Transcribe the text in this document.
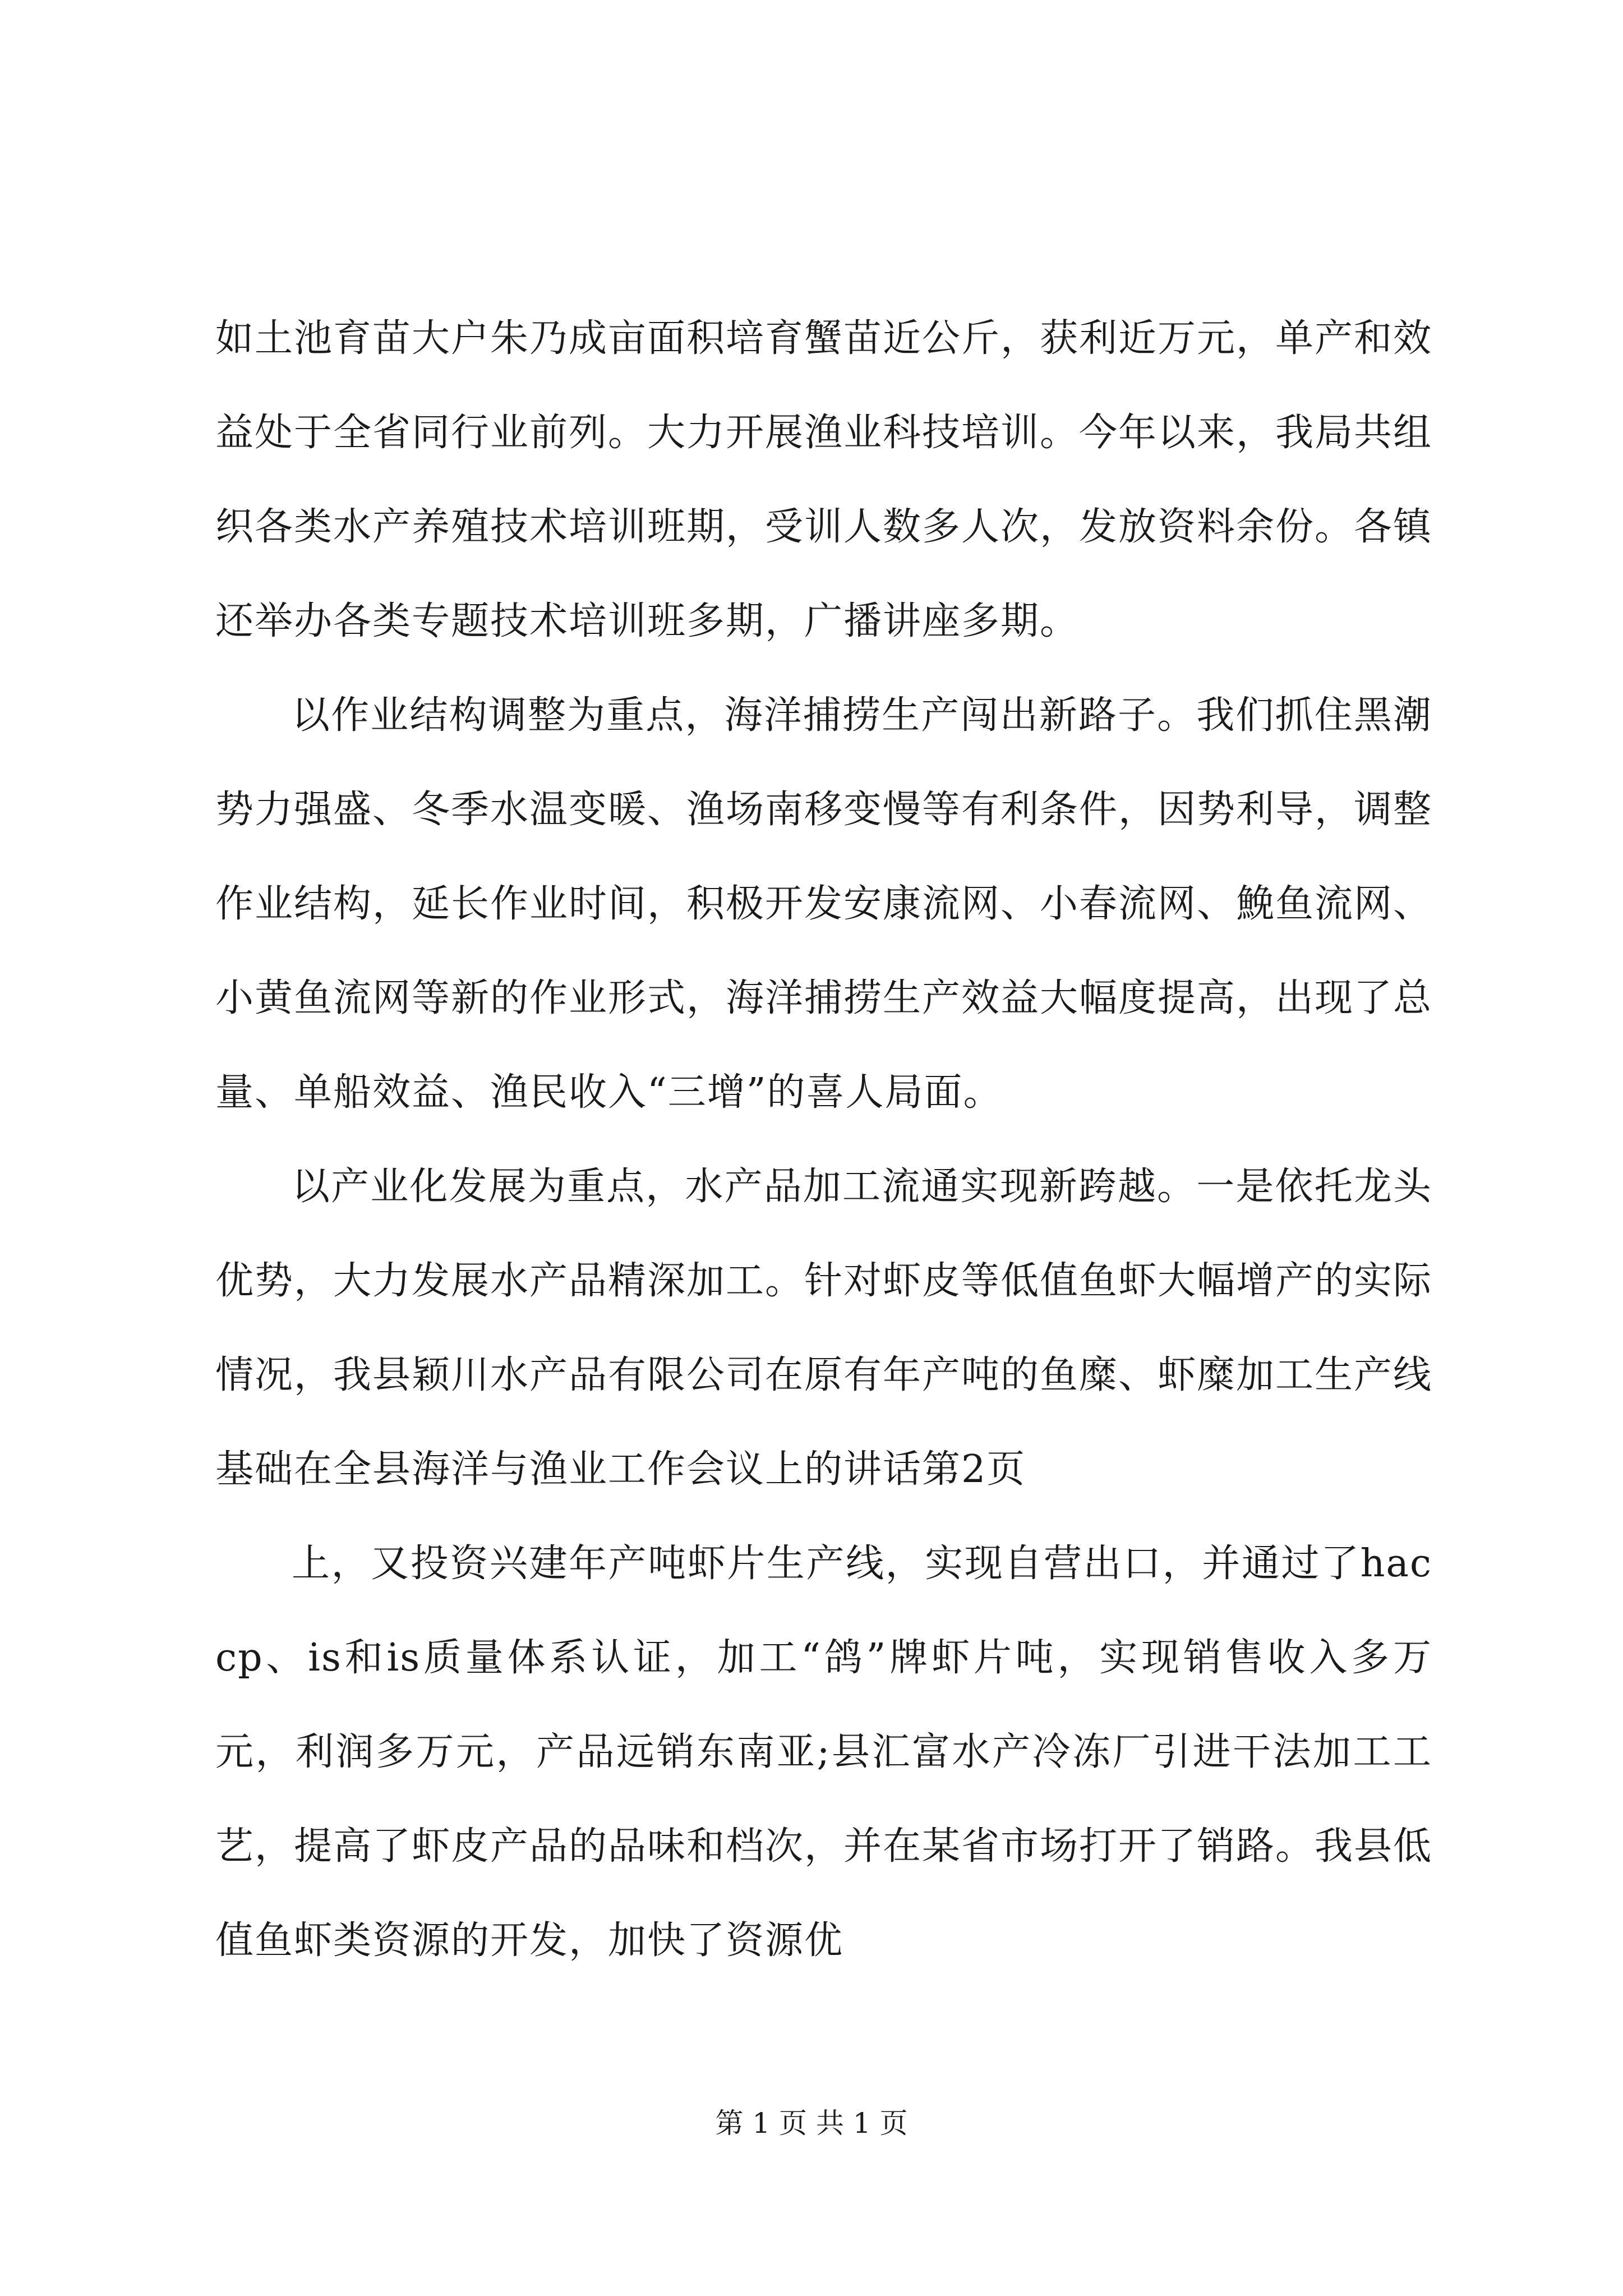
如土池育苗大户朱乃成亩面积培育蟹苗近公斤，获利近万元，单产和效益处于全省同行业前列。大力开展渔业科技培训。今年以来，我局共组织各类水产养殖技术培训班期，受训人数多人次，发放资料余份。各镇还举办各类专题技术培训班多期，广播讲座多期。

以作业结构调整为重点，海洋捕捞生产闯出新路子。我们抓住黑潮势力强盛、冬季水温变暖、渔场南移变慢等有利条件，因势利导，调整作业结构，延长作业时间，积极开发安康流网、小春流网、鮸鱼流网、小黄鱼流网等新的作业形式，海洋捕捞生产效益大幅度提高，出现了总量、单船效益、渔民收入“三增”的喜人局面。

以产业化发展为重点，水产品加工流通实现新跨越。一是依托龙头优势，大力发展水产品精深加工。针对虾皮等低值鱼虾大幅增产的实际情况，我县颖川水产品有限公司在原有年产吨的鱼糜、虾糜加工生产线基础在全县海洋与渔业工作会议上的讲话第2页

上，又投资兴建年产吨虾片生产线，实现自营出口，并通过了haccp、is和is质量体系认证，加工“鸽”牌虾片吨，实现销售收入多万元，利润多万元，产品远销东南亚;县汇富水产冷冻厂引进干法加工工艺，提高了虾皮产品的品味和档次，并在某省市场打开了销路。我县低值鱼虾类资源的开发，加快了资源优

第 1 页 共 1 页
